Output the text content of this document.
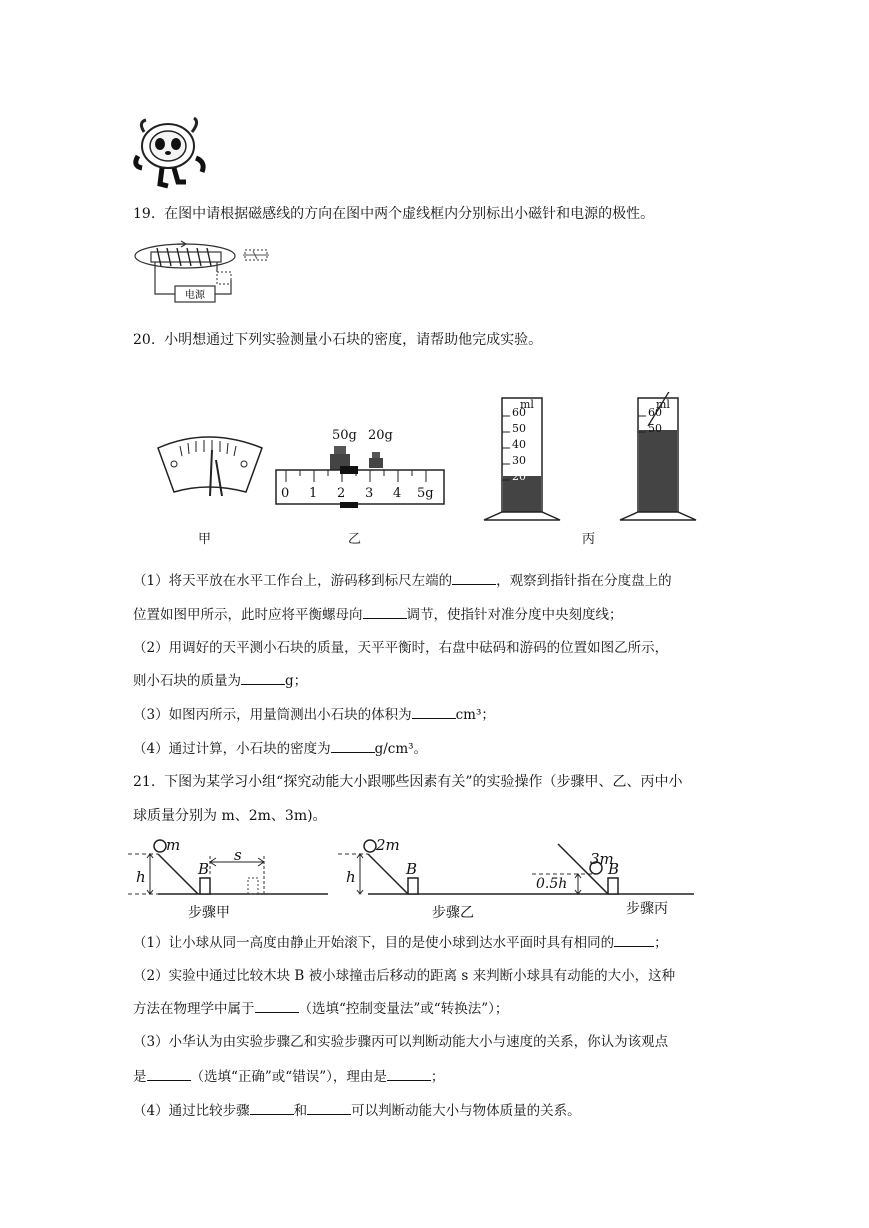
19. 在图中请根据磁感线的方向在图中两个虚线框内分别标出小磁针和电源的极性。
电源
20. 小明想通过下列实验测量小石块的密度，请帮助他完成实验。
50g 20g
0 1 2 3 4 5g
ml
60
50
40
30
20
ml
60
50
甲	乙	丙
（1）将天平放在水平工作台上，游码移到标尺左端的	，观察到指针指在分度盘上的
位置如图甲所示，此时应将平衡螺母向	调节，使指针对准分度中央刻度线；
（2）用调好的天平测小石块的质量，天平平衡时，右盘中砝码和游码的位置如图乙所示，
则小石块的质量为	g；
（3）如图丙所示，用量筒测出小石块的体积为	cm³；
（4）通过计算，小石块的密度为	g/cm³。
21. 下图为某学习小组“探究动能大小跟哪些因素有关”的实验操作（步骤甲、乙、丙中小
球质量分别为 m、2m、3m)。
m
h	B
s
2m
h	B
3m
0.5h
B
步骤甲	步骤乙	步骤丙
（1）让小球从同一高度由静止开始滚下，目的是使小球到达水平面时具有相同的	；
（2）实验中通过比较木块 B 被小球撞击后移动的距离 s 来判断小球具有动能的大小，这种
方法在物理学中属于	（选填“控制变量法”或“转换法”）；
（3）小华认为由实验步骤乙和实验步骤丙可以判断动能大小与速度的关系，你认为该观点
是	（选填“正确”或“错误”），理由是	；
（4）通过比较步骤	和	可以判断动能大小与物体质量的关系。
